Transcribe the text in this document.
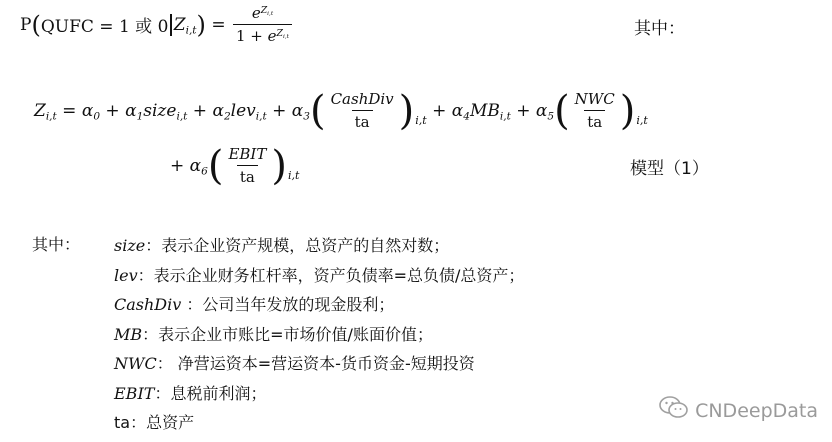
P ( QUFC = 1 或 0 $Z_{i,t}$ ) = $\frac{e^{Z_{i,t}}}{1 + e^{Z_{i,t}}}$	其中：
$Z_{i,t} = \alpha_0$ + $\alpha_1size_{i,t} + \alpha_2lev_{i,t} + \alpha_3$ ( $\frac{\text{CashDiv}}{ta}$ ) $i,t + \alpha_4MB_{i,t} + \alpha_5$ ( $\frac{\text{NWC}}{ta}$ ) i,t
+ $\alpha_6$ ( $\frac{\text{EBIT}}{ta}$ ) i,t	模型（1）
其中： size：表示企业资产规模，总资产的自然对数；
lev：表示企业财务杠杆率，资产负债率=总负债/总资产；
CashDiv ：公司当年发放的现金股利；
MB：表示企业市账比=市场价值/账面价值；
NWC： 净营运资本=营运资本-货币资金-短期投资
EBIT：息税前利润；
ta：总资产
CNDeepData
